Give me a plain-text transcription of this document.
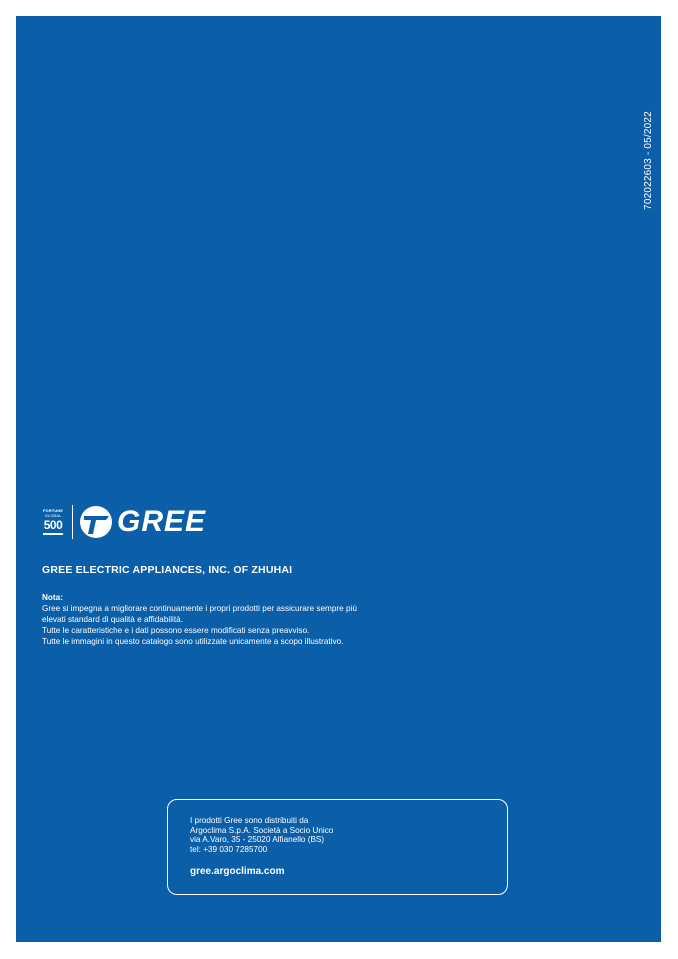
702022603 - 05/2022
FORTUNE
GLOBAL
500 GREE
GREE ELECTRIC APPLIANCES, INC. OF ZHUHAI
Nota:
Gree si impegna a migliorare continuamente i propri prodotti per assicurare sempre più
elevati standard di qualità e affidabilità.
Tutte le caratteristiche e i dati possono essere modificati senza preavviso.
Tutte le immagini in questo catalogo sono utilizzate unicamente a scopo illustrativo.
I prodotti Gree sono distribuiti da
Argoclima S.p.A. Società a Socio Unico
via A.Varo, 35 - 25020 Alfianello (BS)
tel: +39 030 7285700
gree.argoclima.com
